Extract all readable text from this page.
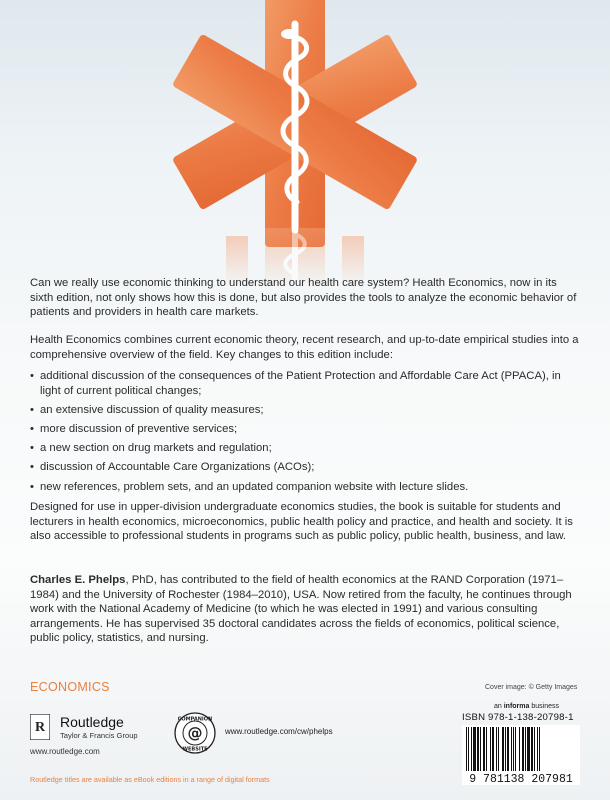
Can we really use economic thinking to understand our health care system? Health Economics, now in its sixth edition, not only shows how this is done, but also provides the tools to analyze the economic behavior of patients and providers in health care markets.

Health Economics combines current economic theory, recent research, and up-to-date empirical studies into a comprehensive overview of the field. Key changes to this edition include:

• additional discussion of the consequences of the Patient Protection and Affordable Care Act (PPACA), in light of current political changes;
• an extensive discussion of quality measures;
• more discussion of preventive services;
• a new section on drug markets and regulation;
• discussion of Accountable Care Organizations (ACOs);
• new references, problem sets, and an updated companion website with lecture slides.

Designed for use in upper-division undergraduate economics studies, the book is suitable for students and lecturers in health economics, microeconomics, public health policy and practice, and health and society. It is also accessible to professional students in programs such as public policy, public health, business, and law.

Charles E. Phelps, PhD, has contributed to the field of health economics at the RAND Corporation (1971–1984) and the University of Rochester (1984–2010), USA. Now retired from the faculty, he continues through work with the National Academy of Medicine (to which he was elected in 1991) and various consulting arrangements. He has supervised 35 doctoral candidates across the fields of economics, political science, public policy, statistics, and nursing.

ECONOMICS	Cover image: © Getty Images
an informa business
ISBN 978-1-138-20798-1
9 781138 207981
R Routledge
Taylor & Francis Group
www.routledge.com
@
COMPANION
WEBSITE
www.routledge.com/cw/phelps
Routledge titles are available as eBook editions in a range of digital formats
